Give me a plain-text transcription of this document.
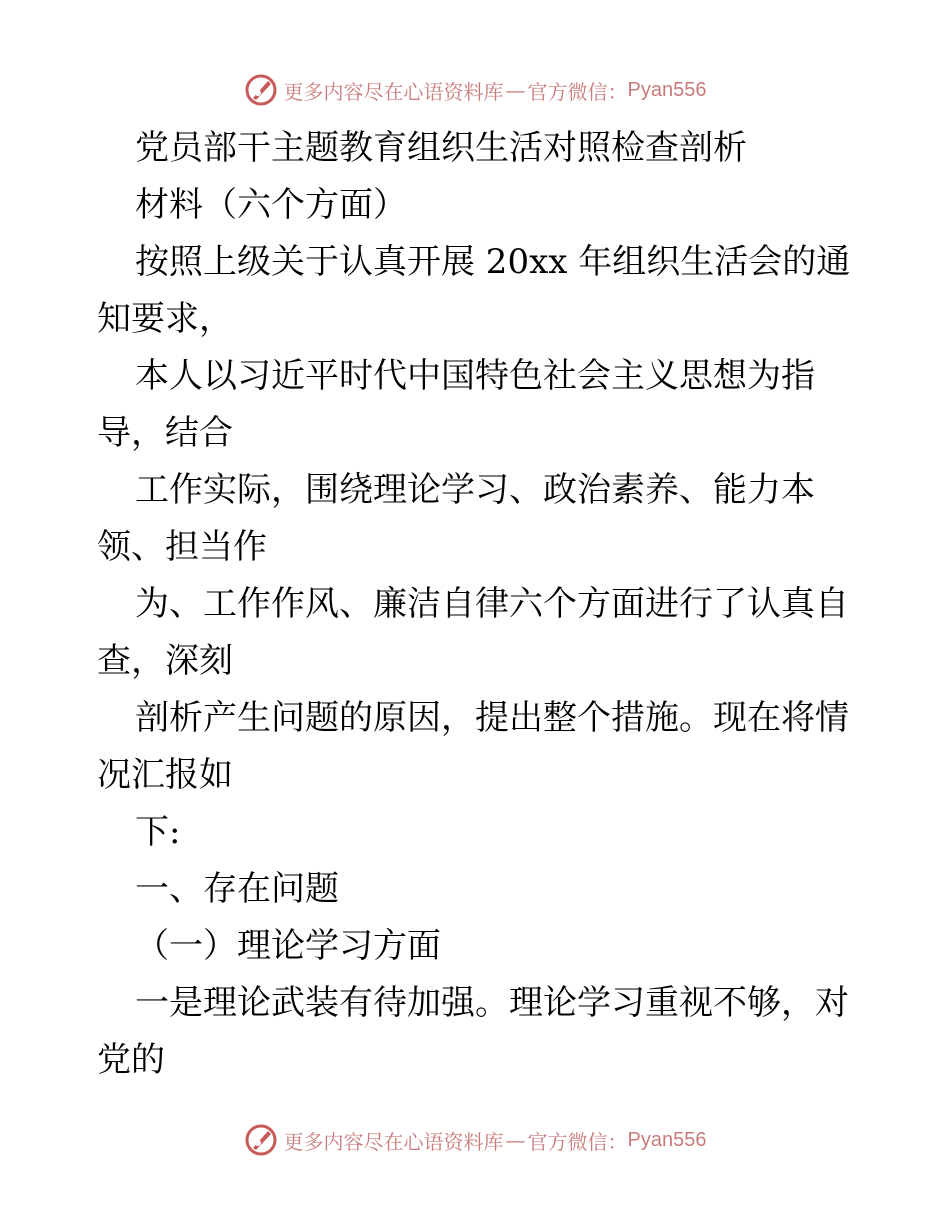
更多内容尽在心语资料库 — 官方微信： Pyan556
党员部干主题教育组织生活对照检查剖析
材料（六个方面）
按照上级关于认真开展 20xx 年组织生活会的通
知要求，
本人以习近平时代中国特色社会主义思想为指
导，结合
工作实际，围绕理论学习、政治素养、能力本
领、担当作
为、工作作风、廉洁自律六个方面进行了认真自
查，深刻
剖析产生问题的原因，提出整个措施。现在将情
况汇报如
下:
一、存在问题
（一）理论学习方面
一是理论武装有待加强。理论学习重视不够，对
党的
更多内容尽在心语资料库 — 官方微信： Pyan556
